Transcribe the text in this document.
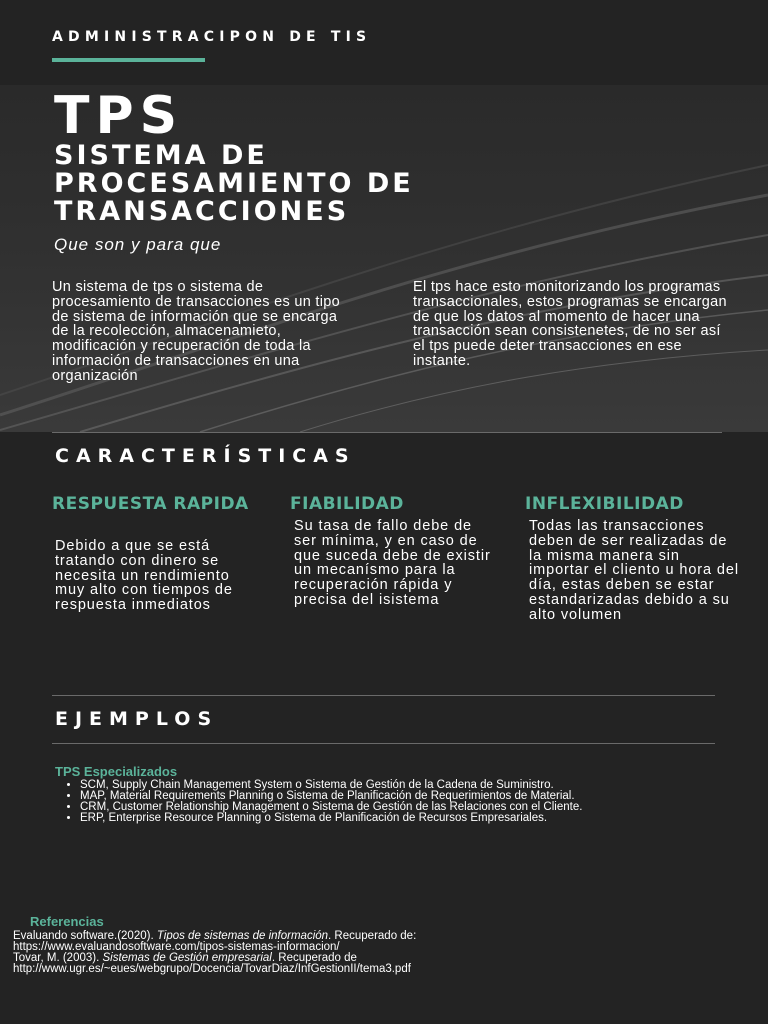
ADMINISTRACIPON DE TIS
TPS
SISTEMA DE
PROCESAMIENTO DE
TRANSACCIONES
Que son y para que
Un sistema de tps o sistema de procesamiento de transacciones es un tipo de sistema de información que se encarga de la recolección, almacenamieto, modificación y recuperación de toda la información de transacciones en una organización
El tps hace esto monitorizando los programas transaccionales, estos programas se encargan de que los datos al momento de hacer una transacción sean consistenetes, de no ser así el tps puede deter transacciones en ese instante.
CARACTERÍSTICAS
RESPUESTA RAPIDA
Debido a que se está tratando con dinero se necesita un rendimiento muy alto con tiempos de respuesta inmediatos
FIABILIDAD
Su tasa de fallo debe de ser mínima, y en caso de que suceda debe de existir un mecanísmo para la recuperación rápida y precisa del isistema
INFLEXIBILIDAD
Todas las transacciones deben de ser realizadas de la misma manera sin importar el cliento u hora del día, estas deben se estar estandarizadas debido a su alto volumen
EJEMPLOS
TPS Especializados
• SCM, Supply Chain Management System o Sistema de Gestión de la Cadena de Suministro.
• MAP, Material Requirements Planning o Sistema de Planificación de Requerimientos de Material.
• CRM, Customer Relationship Management o Sistema de Gestión de las Relaciones con el Cliente.
• ERP, Enterprise Resource Planning o Sistema de Planificación de Recursos Empresariales.
Referencias
Evaluando software.(2020). Tipos de sistemas de información. Recuperado de:
https://www.evaluandosoftware.com/tipos-sistemas-informacion/
Tovar, M. (2003). Sistemas de Gestión empresarial. Recuperado de
http://www.ugr.es/~eues/webgrupo/Docencia/TovarDiaz/InfGestionII/tema3.pdf
